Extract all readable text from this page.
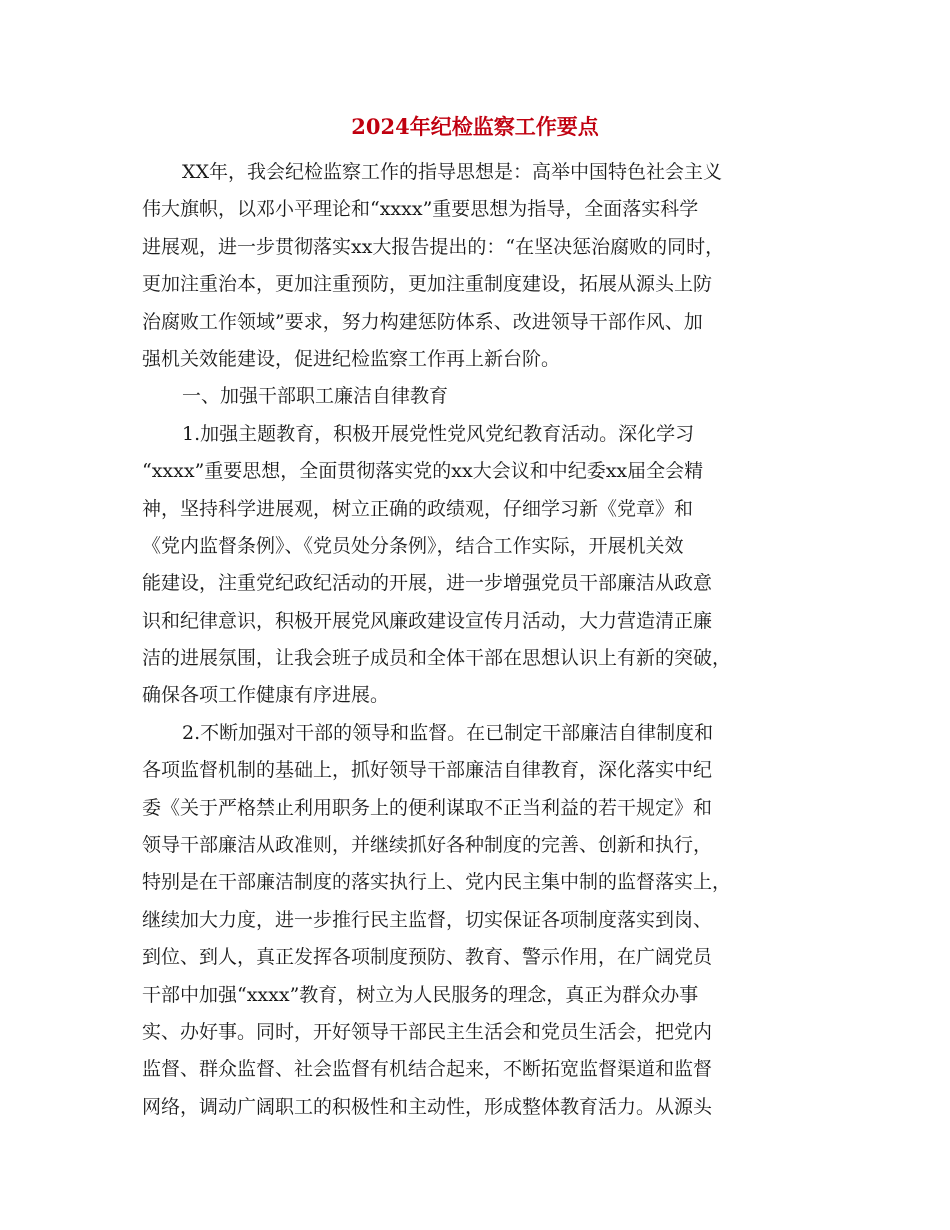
2024年纪检监察工作要点

XX年，我会纪检监察工作的指导思想是：高举中国特色社会主义
伟大旗帜，以邓小平理论和“xxxx”重要思想为指导，全面落实科学
进展观，进一步贯彻落实xx大报告提出的：“在坚决惩治腐败的同时，
更加注重治本，更加注重预防，更加注重制度建设，拓展从源头上防
治腐败工作领域”要求，努力构建惩防体系、改进领导干部作风、加
强机关效能建设，促进纪检监察工作再上新台阶。

一、加强干部职工廉洁自律教育

1.加强主题教育，积极开展党性党风党纪教育活动。深化学习
“xxxx”重要思想，全面贯彻落实党的xx大会议和中纪委xx届全会精
神，坚持科学进展观，树立正确的政绩观，仔细学习新《党章》和
《党内监督条例》、《党员处分条例》，结合工作实际，开展机关效
能建设，注重党纪政纪活动的开展，进一步增强党员干部廉洁从政意
识和纪律意识，积极开展党风廉政建设宣传月活动，大力营造清正廉
洁的进展氛围，让我会班子成员和全体干部在思想认识上有新的突破，
确保各项工作健康有序进展。

2.不断加强对干部的领导和监督。在已制定干部廉洁自律制度和
各项监督机制的基础上，抓好领导干部廉洁自律教育，深化落实中纪
委《关于严格禁止利用职务上的便利谋取不正当利益的若干规定》和
领导干部廉洁从政准则，并继续抓好各种制度的完善、创新和执行，
特别是在干部廉洁制度的落实执行上、党内民主集中制的监督落实上，
继续加大力度，进一步推行民主监督，切实保证各项制度落实到岗、
到位、到人，真正发挥各项制度预防、教育、警示作用，在广阔党员
干部中加强“xxxx”教育，树立为人民服务的理念，真正为群众办事
实、办好事。同时，开好领导干部民主生活会和党员生活会，把党内
监督、群众监督、社会监督有机结合起来，不断拓宽监督渠道和监督
网络，调动广阔职工的积极性和主动性，形成整体教育活力。从源头
